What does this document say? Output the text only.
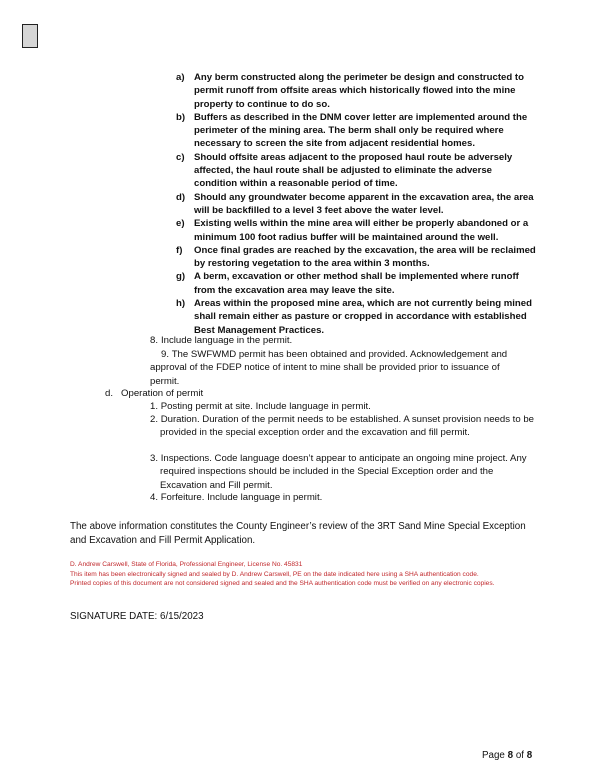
a) Any berm constructed along the perimeter be design and constructed to permit runoff from offsite areas which historically flowed into the mine property to continue to do so.
b) Buffers as described in the DNM cover letter are implemented around the perimeter of the mining area. The berm shall only be required where necessary to screen the site from adjacent residential homes.
c) Should offsite areas adjacent to the proposed haul route be adversely affected, the haul route shall be adjusted to eliminate the adverse condition within a reasonable period of time.
d) Should any groundwater become apparent in the excavation area, the area will be backfilled to a level 3 feet above the water level.
e) Existing wells within the mine area will either be properly abandoned or a minimum 100 foot radius buffer will be maintained around the well.
f) Once final grades are reached by the excavation, the area will be reclaimed by restoring vegetation to the area within 3 months.
g) A berm, excavation or other method shall be implemented where runoff from the excavation area may leave the site.
h) Areas within the proposed mine area, which are not currently being mined shall remain either as pasture or cropped in accordance with established Best Management Practices.
8. Include language in the permit.
9. The SWFWMD permit has been obtained and provided. Acknowledgement and approval of the FDEP notice of intent to mine shall be provided prior to issuance of permit.
d. Operation of permit
1. Posting permit at site. Include language in permit.
2. Duration. Duration of the permit needs to be established. A sunset provision needs to be provided in the special exception order and the excavation and fill permit.
3. Inspections. Code language doesn’t appear to anticipate an ongoing mine project. Any required inspections should be included in the Special Exception order and the Excavation and Fill permit.
4. Forfeiture. Include language in permit.

The above information constitutes the County Engineer’s review of the 3RT Sand Mine Special Exception and Excavation and Fill Permit Application.

D. Andrew Carswell, State of Florida, Professional Engineer, License No. 45831
This item has been electronically signed and sealed by D. Andrew Carswell, PE on the date indicated here using a SHA authentication code.
Printed copies of this document are not considered signed and sealed and the SHA authentication code must be verified on any electronic copies.
SIGNATURE DATE: 6/15/2023
Page 8 of 8
